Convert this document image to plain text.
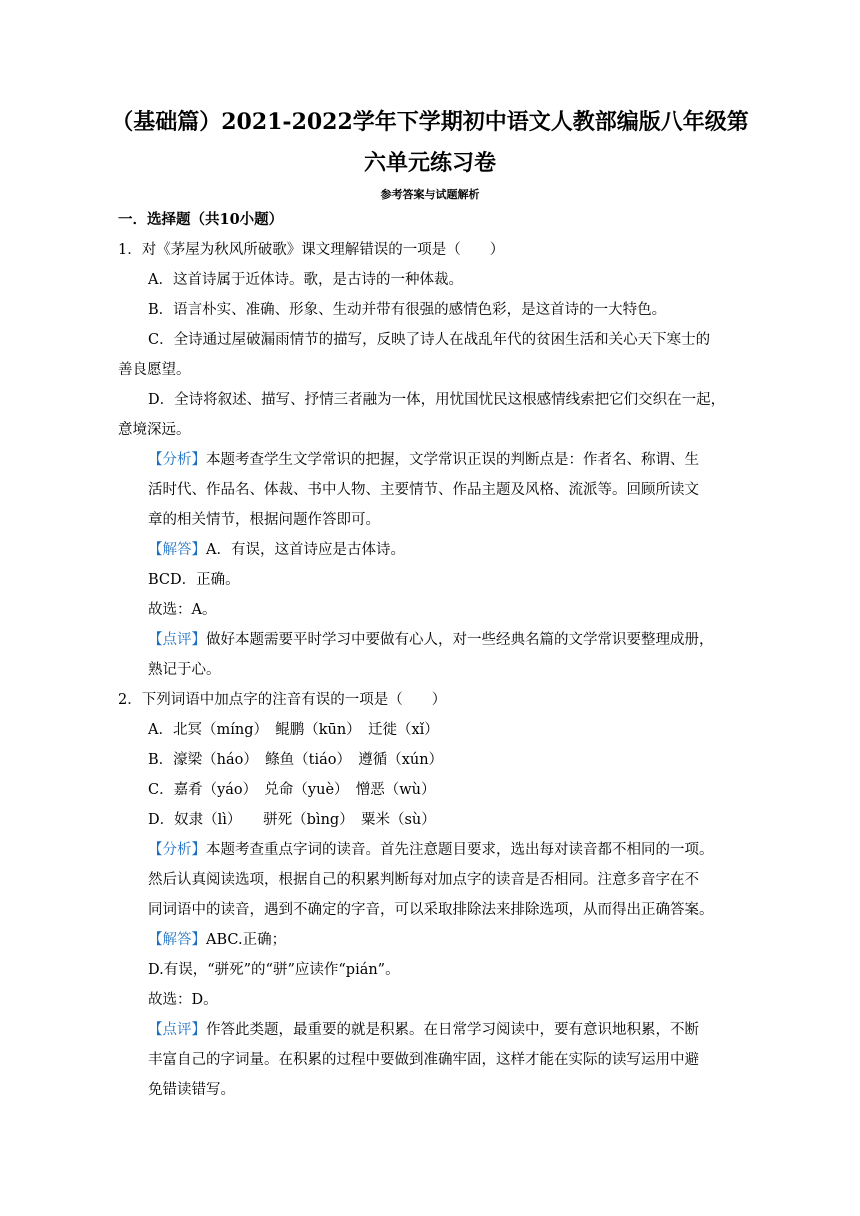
（基础篇）2021-2022学年下学期初中语文人教部编版八年级第
六单元练习卷
参考答案与试题解析
一．选择题（共10小题）
1．对《茅屋为秋风所破歌》课文理解错误的一项是（　　）
A．这首诗属于近体诗。歌，是古诗的一种体裁。
B．语言朴实、准确、形象、生动并带有很强的感情色彩，是这首诗的一大特色。
C．全诗通过屋破漏雨情节的描写，反映了诗人在战乱年代的贫困生活和关心天下寒士的
善良愿望。
D．全诗将叙述、描写、抒情三者融为一体，用忧国忧民这根感情线索把它们交织在一起，
意境深远。
【分析】本题考查学生文学常识的把握，文学常识正误的判断点是：作者名、称谓、生
活时代、作品名、体裁、书中人物、主要情节、作品主题及风格、流派等。回顾所读文
章的相关情节，根据问题作答即可。
【解答】A．有误，这首诗应是古体诗。
BCD．正确。
故选：A。
【点评】做好本题需要平时学习中要做有心人，对一些经典名篇的文学常识要整理成册，
熟记于心。
2．下列词语中加点字的注音有误的一项是（　　）
A．北冥（míng）　鲲鹏（kūn）　迁徙（xǐ）
B．濠梁（háo）　鲦鱼（tiáo）　遵循（xún）
C．嘉肴（yáo）　兑命（yuè）　憎恶（wù）
D．奴隶（lì）　　骈死（bìng）　粟米（sù）
【分析】本题考查重点字词的读音。首先注意题目要求，选出每对读音都不相同的一项。
然后认真阅读选项，根据自己的积累判断每对加点字的读音是否相同。注意多音字在不
同词语中的读音，遇到不确定的字音，可以采取排除法来排除选项，从而得出正确答案。
【解答】ABC.正确；
D.有误，“骈死”的“骈”应读作“pián”。
故选：D。
【点评】作答此类题，最重要的就是积累。在日常学习阅读中，要有意识地积累，不断
丰富自己的字词量。在积累的过程中要做到准确牢固，这样才能在实际的读写运用中避
免错读错写。
